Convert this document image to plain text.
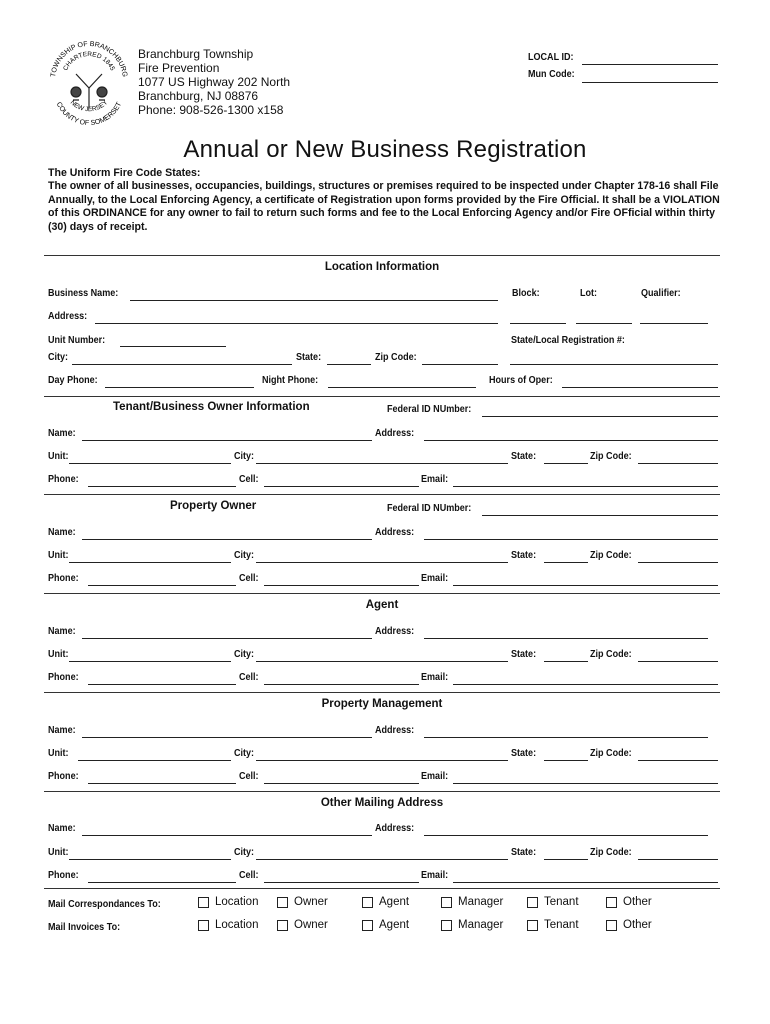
TOWNSHIP OF BRANCHBURG
CHARTERED 1845
COUNTY OF SOMERSET
NEW JERSEY
Branchburg Township
Fire Prevention
1077 US Highway 202 North
Branchburg, NJ 08876
Phone: 908-526-1300 x158
LOCAL ID:
Mun Code:
Annual or New Business Registration
The Uniform Fire Code States:
The owner of all businesses, occupancies, buildings, structures or premises required to be inspected under Chapter 178-16 shall File Annually, to the Local Enforcing Agency, a certificate of Registration upon forms provided by the Fire Official. It shall be a VIOLATION of this ORDINANCE for any owner to fail to return such forms and fee to the Local Enforcing Agency and/or Fire OFficial within thirty (30) days of receipt.
Location Information
Business Name:	Block:	Lot:	Qualifier:
Address:
Unit Number:	State/Local Registration #:
City:	State:	Zip Code:
Day Phone:	Night Phone:	Hours of Oper:
Tenant/Business Owner Information	Federal ID NUmber:
Name:	Address:
Unit:	City:	State:	Zip Code:
Phone:	Cell:	Email:
Property Owner	Federal ID NUmber:
Name:	Address:
Unit:	City:	State:	Zip Code:
Phone:	Cell:	Email:
Agent
Name:	Address:
Unit:	City:	State:	Zip Code:
Phone:	Cell:	Email:
Property Management
Name:	Address:
Unit:	City:	State:	Zip Code:
Phone:	Cell:	Email:
Other Mailing Address
Name:	Address:
Unit:	City:	State:	Zip Code:
Phone:	Cell:	Email:
Mail Correspondances To:	Location	Owner	Agent	Manager	Tenant	Other
Mail Invoices To:	Location	Owner	Agent	Manager	Tenant	Other
